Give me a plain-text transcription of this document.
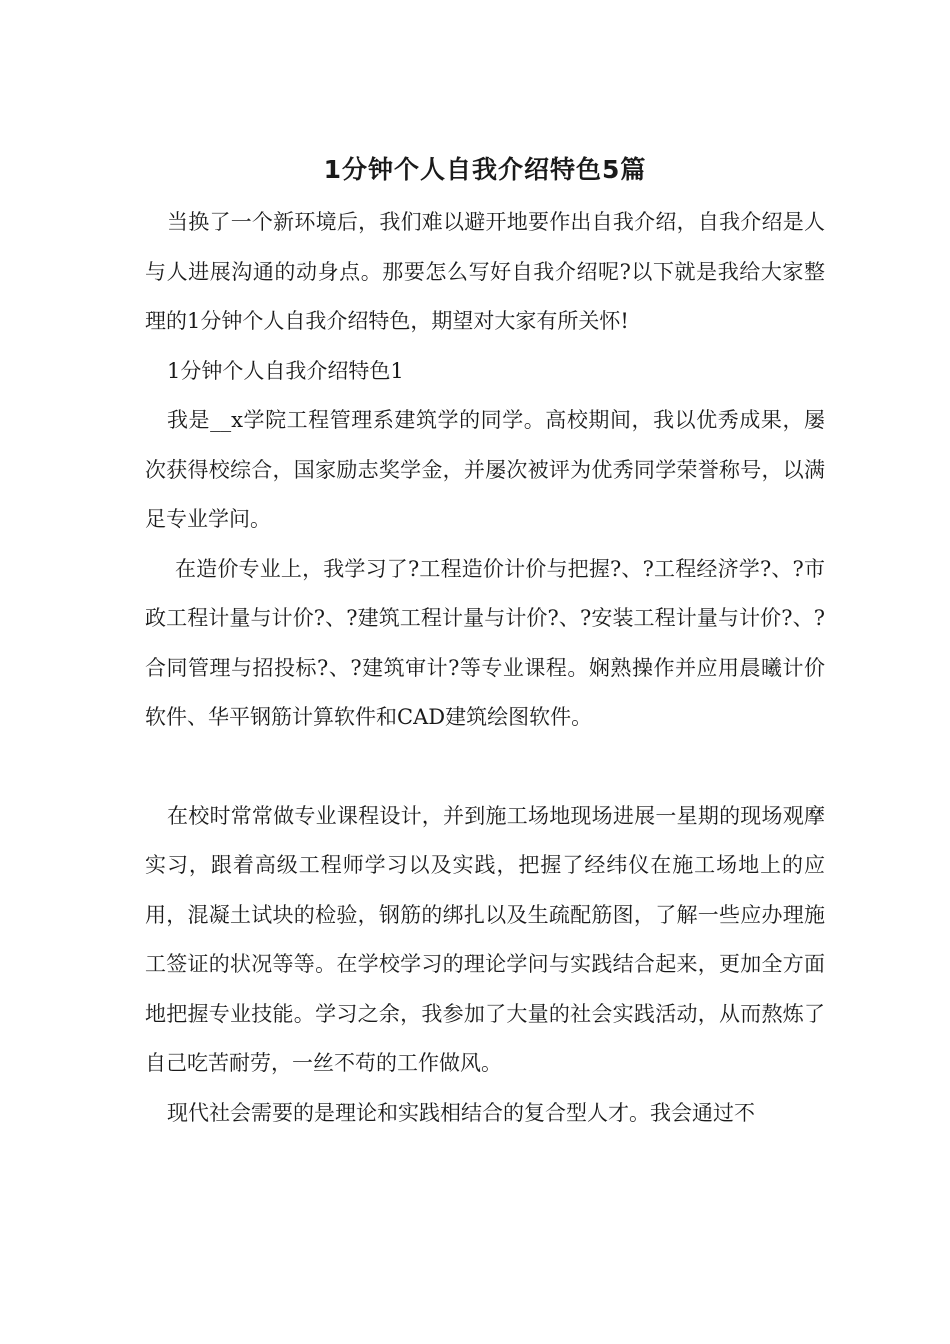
1分钟个人自我介绍特色5篇

当换了一个新环境后，我们难以避开地要作出自我介绍，自我介绍是人与人进展沟通的动身点。那要怎么写好自我介绍呢?以下就是我给大家整理的1分钟个人自我介绍特色，期望对大家有所关怀!

1分钟个人自我介绍特色1

我是__x学院工程管理系建筑学的同学。高校期间，我以优秀成果，屡次获得校综合，国家励志奖学金，并屡次被评为优秀同学荣誉称号，以满足专业学问。

在造价专业上，我学习了?工程造价计价与把握?、?工程经济学?、?市政工程计量与计价?、?建筑工程计量与计价?、?安装工程计量与计价?、?合同管理与招投标?、?建筑审计?等专业课程。娴熟操作并应用晨曦计价软件、华平钢筋计算软件和CAD建筑绘图软件。

在校时常常做专业课程设计，并到施工场地现场进展一星期的现场观摩实习，跟着高级工程师学习以及实践，把握了经纬仪在施工场地上的应用，混凝土试块的检验，钢筋的绑扎以及生疏配筋图，了解一些应办理施工签证的状况等等。在学校学习的理论学问与实践结合起来，更加全方面地把握专业技能。学习之余，我参加了大量的社会实践活动，从而熬炼了自己吃苦耐劳，一丝不苟的工作做风。

现代社会需要的是理论和实践相结合的复合型人才。我会通过不
